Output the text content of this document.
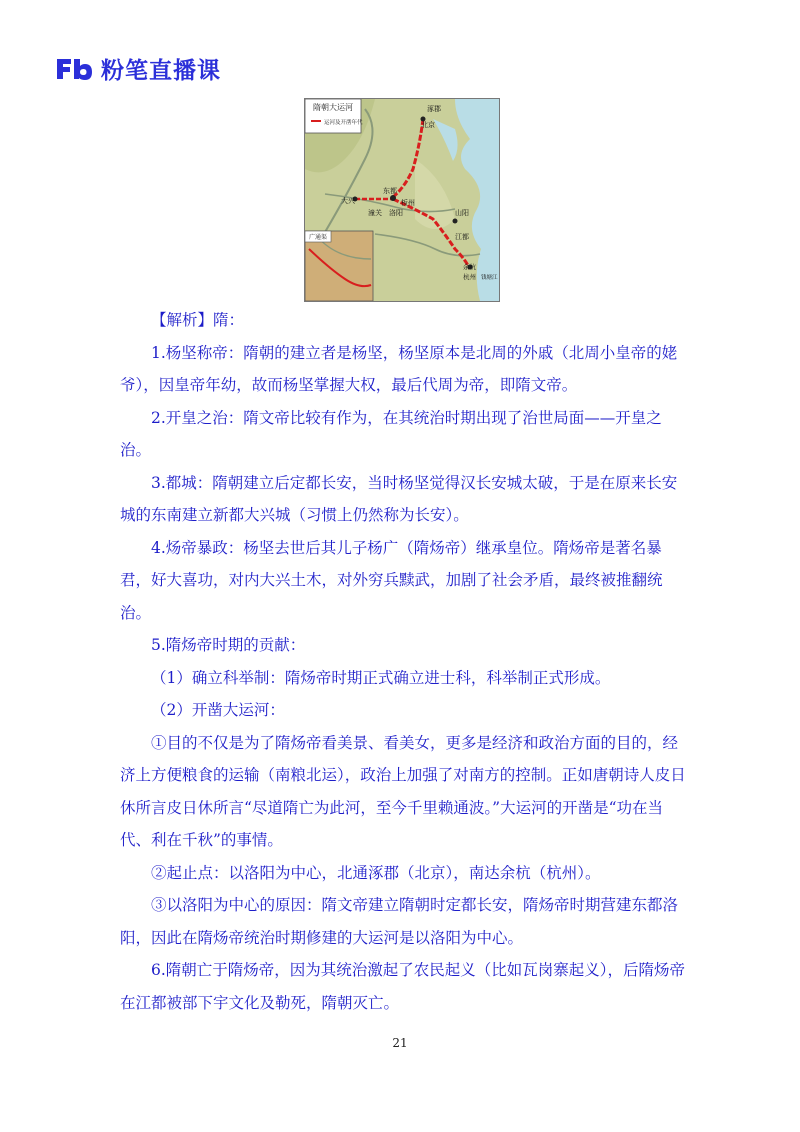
粉笔直播课
隋朝大运河
运河及开凿年代
涿郡
北京
大兴
东都
洛阳
潼关
板州
山阳
江都
余杭
杭州 钱塘江
广通渠

【解析】隋：

1.杨坚称帝：隋朝的建立者是杨坚，杨坚原本是北周的外戚（北周小皇帝的姥爷），因皇帝年幼，故而杨坚掌握大权，最后代周为帝，即隋文帝。

2.开皇之治：隋文帝比较有作为，在其统治时期出现了治世局面——开皇之治。

3.都城：隋朝建立后定都长安，当时杨坚觉得汉长安城太破，于是在原来长安城的东南建立新都大兴城（习惯上仍然称为长安）。

4.炀帝暴政：杨坚去世后其儿子杨广（隋炀帝）继承皇位。隋炀帝是著名暴君，好大喜功，对内大兴土木，对外穷兵黩武，加剧了社会矛盾，最终被推翻统治。

5.隋炀帝时期的贡献：

（1）确立科举制：隋炀帝时期正式确立进士科，科举制正式形成。

（2）开凿大运河：

①目的不仅是为了隋炀帝看美景、看美女，更多是经济和政治方面的目的，经济上方便粮食的运输（南粮北运），政治上加强了对南方的控制。正如唐朝诗人皮日休所言皮日休所言“尽道隋亡为此河，至今千里赖通波。”大运河的开凿是“功在当代、利在千秋”的事情。

②起止点：以洛阳为中心，北通涿郡（北京），南达余杭（杭州）。

③以洛阳为中心的原因：隋文帝建立隋朝时定都长安，隋炀帝时期营建东都洛阳，因此在隋炀帝统治时期修建的大运河是以洛阳为中心。

6.隋朝亡于隋炀帝，因为其统治激起了农民起义（比如瓦岗寨起义），后隋炀帝在江都被部下宇文化及勒死，隋朝灭亡。

21
